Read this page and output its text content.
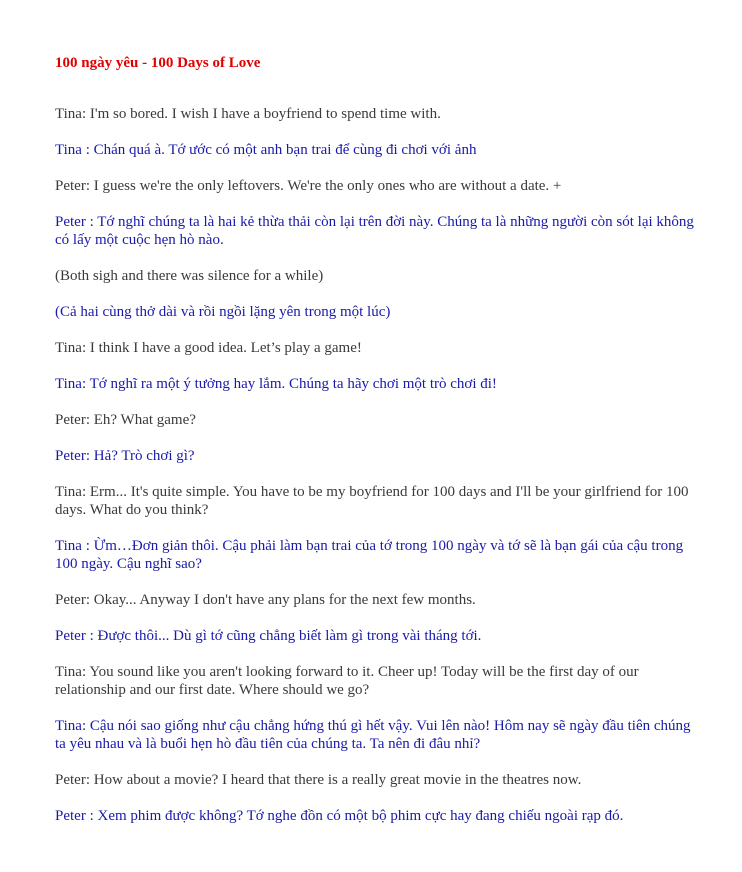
100 ngày yêu - 100 Days of Love
Tina: I'm so bored. I wish I have a boyfriend to spend time with.
Tina : Chán quá à. Tớ ước có một anh bạn trai để cùng đi chơi với ảnh
Peter: I guess we're the only leftovers. We're the only ones who are without a date. +
Peter : Tớ nghĩ chúng ta là hai kẻ thừa thải còn lại trên đời này. Chúng ta là những người còn sót lại không có lấy một cuộc hẹn hò nào.
(Both sigh and there was silence for a while)
(Cả hai cùng thở dài và rồi ngồi lặng yên trong một lúc)
Tina: I think I have a good idea. Let’s play a game!
Tina: Tớ nghĩ ra một ý tưởng hay lắm. Chúng ta hãy chơi một trò chơi đi!
Peter: Eh? What game?
Peter: Hả? Trò chơi gì?
Tina: Erm... It's quite simple. You have to be my boyfriend for 100 days and I'll be your girlfriend for 100 days. What do you think?
Tina : Ừm…Đơn giản thôi. Cậu phải làm bạn trai của tớ trong 100 ngày và tớ sẽ là bạn gái của cậu trong 100 ngày. Cậu nghĩ sao?
Peter: Okay... Anyway I don't have any plans for the next few months.
Peter : Được thôi... Dù gì tớ cũng chẳng biết làm gì trong vài tháng tới.
Tina: You sound like you aren't looking forward to it. Cheer up! Today will be the first day of our relationship and our first date. Where should we go?
Tina: Cậu nói sao giống như cậu chẳng hứng thú gì hết vậy. Vui lên nào! Hôm nay sẽ ngày đầu tiên chúng ta yêu nhau và là buổi hẹn hò đầu tiên của chúng ta. Ta nên đi đâu nhỉ?
Peter: How about a movie? I heard that there is a really great movie in the theatres now.
Peter : Xem phim được không? Tớ nghe đồn có một bộ phim cực hay đang chiếu ngoài rạp đó.
